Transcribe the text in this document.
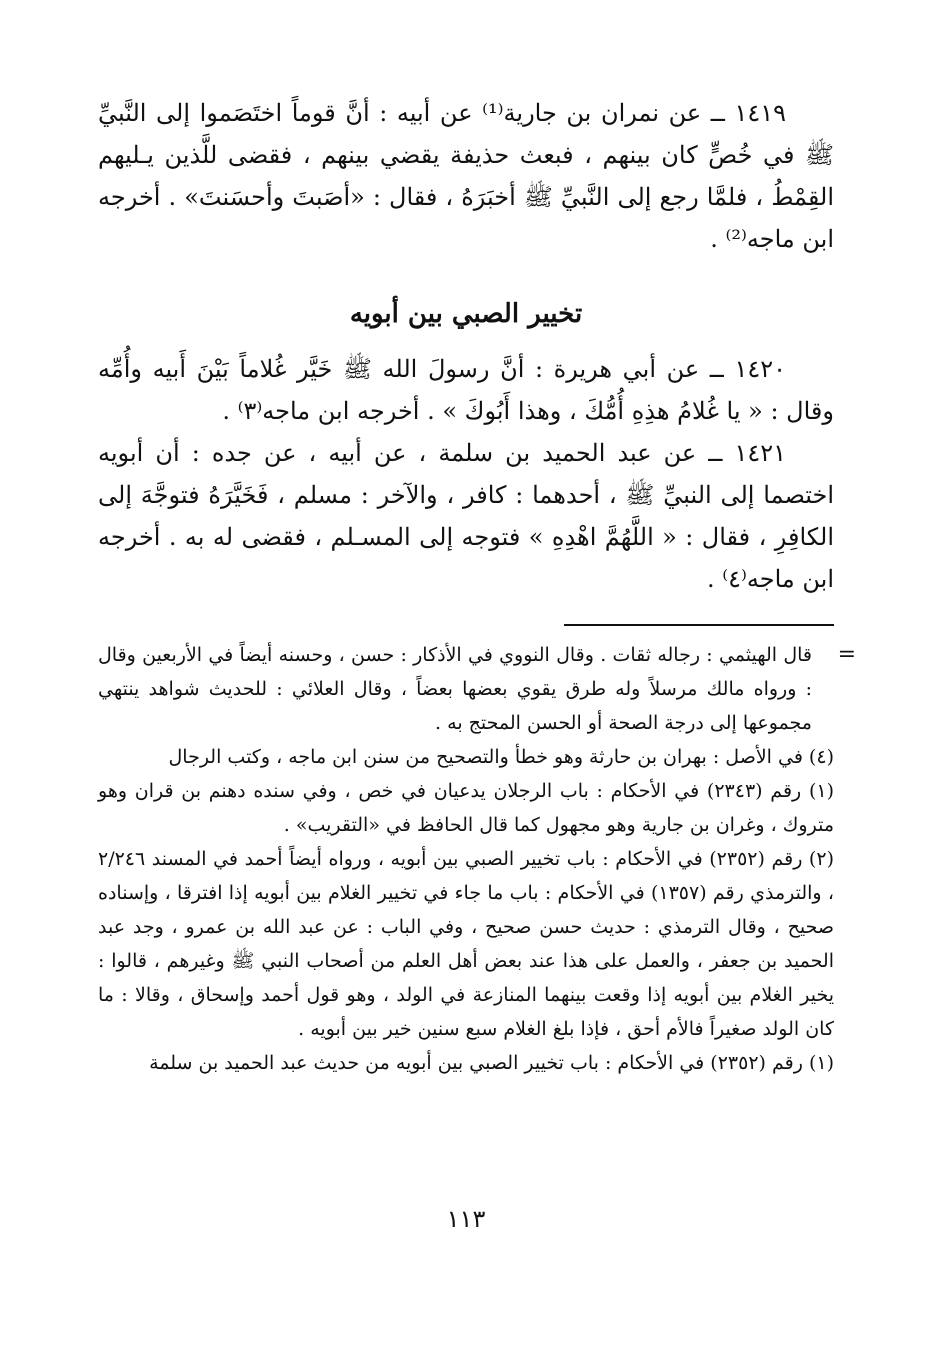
١٤١٩ ــ عن نمران بن جارية⁽¹⁾ عن أبيه : أنَّ قوماً اختَصَموا إلى النَّبيِّ ﷺ في خُصٍّ كان بينهم ، فبعث حذيفة يقضي بينهم ، فقضى للَّذين يـليهم القِمْطُ ، فلمَّا رجع إلى النَّبيِّ ﷺ أخبَرَهُ ، فقال : «أصَبتَ وأحسَنتَ» . أخرجه ابن ماجه⁽²⁾ .

تخيير الصبي بين أبويه

١٤٢٠ ــ عن أبي هريرة : أنَّ رسولَ الله ﷺ خَيَّر غُلاماً بَيْنَ أَبيه وأُمِّه وقال : « يا غُلامُ هذِهِ أُمُّكَ ، وهذا أَبُوكَ » . أخرجه ابن ماجه⁽٣⁾ .

١٤٢١ ــ عن عبد الحميد بن سلمة ، عن أبيه ، عن جده : أن أبويه اختصما إلى النبيِّ ﷺ ، أحدهما : كافر ، والآخر : مسلم ، فَخَيَّرَهُ فتوجَّهَ إلى الكافِرِ ، فقال : « اللَّهُمَّ اهْدِهِ » فتوجه إلى المسـلم ، فقضى له به . أخرجه ابن ماجه⁽٤⁾ .

=
قال الهيثمي : رجاله ثقات . وقال النووي في الأذكار : حسن ، وحسنه أيضاً في الأربعين وقال : ورواه مالك مرسلاً وله طرق يقوي بعضها بعضاً ، وقال العلائي : للحديث شواهد ينتهي مجموعها إلى درجة الصحة أو الحسن المحتج به .

(٤) في الأصل : بهران بن حارثة وهو خطأ والتصحيح من سنن ابن ماجه ، وكتب الرجال

(١) رقم (٢٣٤٣) في الأحكام : باب الرجلان يدعيان في خص ، وفي سنده دهنم بن قران وهو متروك ، وغران بن جارية وهو مجهول كما قال الحافظ في «التقريب» .

(٢) رقم (٢٣٥٢) في الأحكام : باب تخيير الصبي بين أبويه ، ورواه أيضاً أحمد في المسند ٢/٢٤٦ ، والترمذي رقم (١٣٥٧) في الأحكام : باب ما جاء في تخيير الغلام بين أبويه إذا افترقا ، وإسناده صحيح ، وقال الترمذي : حديث حسن صحيح ، وفي الباب : عن عبد الله بن عمرو ، وجد عبد الحميد بن جعفر ، والعمل على هذا عند بعض أهل العلم من أصحاب النبي ﷺ وغيرهم ، قالوا : يخير الغلام بين أبويه إذا وقعت بينهما المنازعة في الولد ، وهو قول أحمد وإسحاق ، وقالا : ما كان الولد صغيراً فالأم أحق ، فإذا بلغ الغلام سبع سنين خير بين أبويه .

(١) رقم (٢٣٥٢) في الأحكام : باب تخيير الصبي بين أبويه من حديث عبد الحميد بن سلمة

١١٣
